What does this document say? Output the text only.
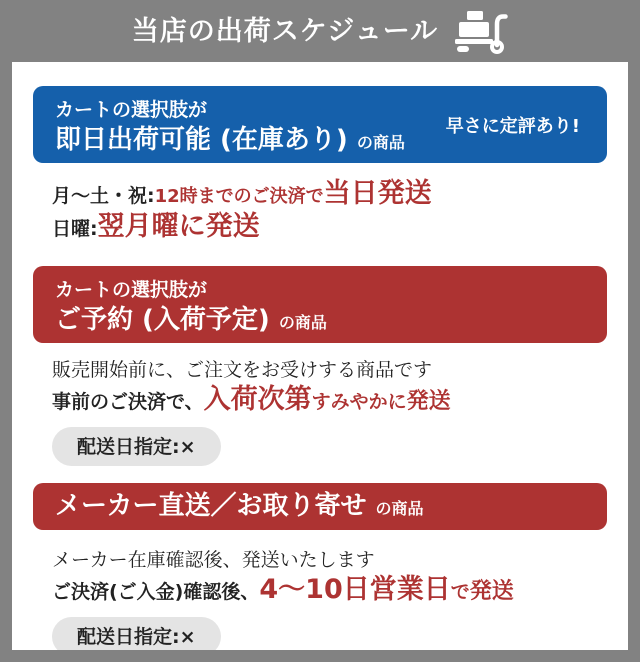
当店の出荷スケジュール
カートの選択肢が
即日出荷可能 (在庫あり) の商品
早さに定評あり!

月〜土・祝:12時までのご決済で当日発送

日曜:翌月曜に発送

カートの選択肢が
ご予約 (入荷予定) の商品

販売開始前に、ご注文をお受けする商品です

事前のご決済で、入荷次第すみやかに発送

配送日指定:×
メーカー直送／お取り寄せ の商品

メーカー在庫確認後、発送いたします

ご決済(ご入金)確認後、4〜10日営業日で発送

配送日指定:×
